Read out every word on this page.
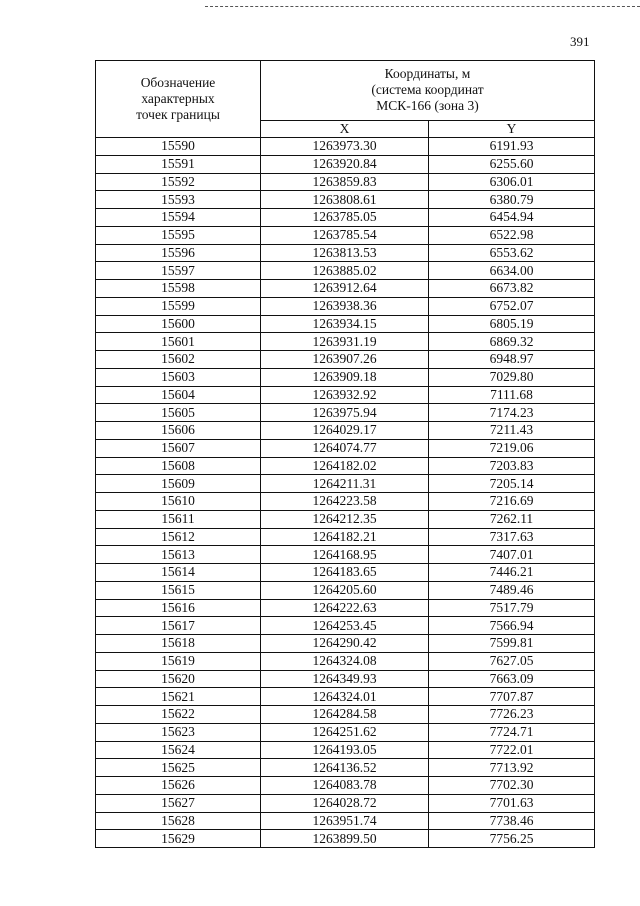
391
Обозначение
характерных
точек границы	Координаты, м
(система координат
МСК-166 (зона 3)	

	X	Y
15590	1263973.30	6191.93
15591	1263920.84	6255.60
15592	1263859.83	6306.01
15593	1263808.61	6380.79
15594	1263785.05	6454.94
15595	1263785.54	6522.98
15596	1263813.53	6553.62
15597	1263885.02	6634.00
15598	1263912.64	6673.82
15599	1263938.36	6752.07
15600	1263934.15	6805.19
15601	1263931.19	6869.32
15602	1263907.26	6948.97
15603	1263909.18	7029.80
15604	1263932.92	7111.68
15605	1263975.94	7174.23
15606	1264029.17	7211.43
15607	1264074.77	7219.06
15608	1264182.02	7203.83
15609	1264211.31	7205.14
15610	1264223.58	7216.69
15611	1264212.35	7262.11
15612	1264182.21	7317.63
15613	1264168.95	7407.01
15614	1264183.65	7446.21
15615	1264205.60	7489.46
15616	1264222.63	7517.79
15617	1264253.45	7566.94
15618	1264290.42	7599.81
15619	1264324.08	7627.05
15620	1264349.93	7663.09
15621	1264324.01	7707.87
15622	1264284.58	7726.23
15623	1264251.62	7724.71
15624	1264193.05	7722.01
15625	1264136.52	7713.92
15626	1264083.78	7702.30
15627	1264028.72	7701.63
15628	1263951.74	7738.46
15629	1263899.50	7756.25
